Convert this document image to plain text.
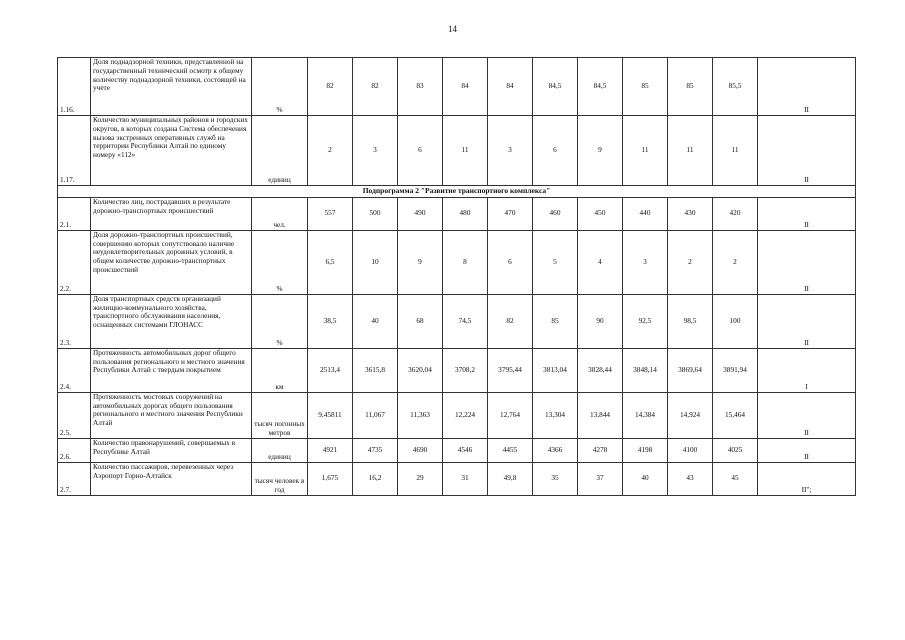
14
1.16.	Доля поднадзорной техники, представленной на государственный технический осмотр к общему количеству поднадзорной техники, состоящей на учете	%	82	82	83	84	84	84,5	84,5	85	85	85,5	II
1.17.	Количество муниципальных районов и городских округов, в которых создана Система обеспечения вызова экстренных оперативных служб на территории Республики Алтай по единому номеру «112»	единиц	2	3	6	11	3	6	9	11	11	11	II
Подпрограмма 2 "Развитие транспортного комплекса"													
2.1.	Количество лиц, пострадавших в результате дорожно-транспортных происшествий	чел.	557	500	490	480	470	460	450	440	430	420	II
2.2.	Доля дорожно-транспортных происшествий, совершению которых сопутствовало наличие неудовлетворительных дорожных условий, в общем количестве дорожно-транспортных происшествий	%	6,5	10	9	8	6	5	4	3	2	2	II
2.3.	Доля транспортных средств организаций жилищно-коммунального хозяйства, транспортного обслуживания населения, оснащенных системами ГЛОНАСС	%	38,5	40	68	74,5	82	85	90	92,5	98,5	100	II
2.4.	Протяженность автомобильных дорог общего пользования регионального и местного значения Республики Алтай с твердым покрытием	км	2513,4	3615,8	3620,04	3708,2	3795,44	3813,04	3828,44	3848,14	3869,64	3891,94	I
2.5.	Протяженность мостовых сооружений на автомобильных дорогах общего пользования регионального и местного значения Республики Алтай	тысяч погонных метров	9,45811	11,067	11,363	12,224	12,764	13,304	13,844	14,384	14,924	15,464	II
2.6.	Количество правонарушений, совершаемых в Республике Алтай	единиц	4921	4735	4690	4546	4455	4366	4278	4198	4100	4025	II
2.7.	Количество пассажиров, перевезенных через Аэропорт Горно-Алтайск	тысяч человек в год	1,675	16,2	29	31	49,8	35	37	40	43	45	II";
